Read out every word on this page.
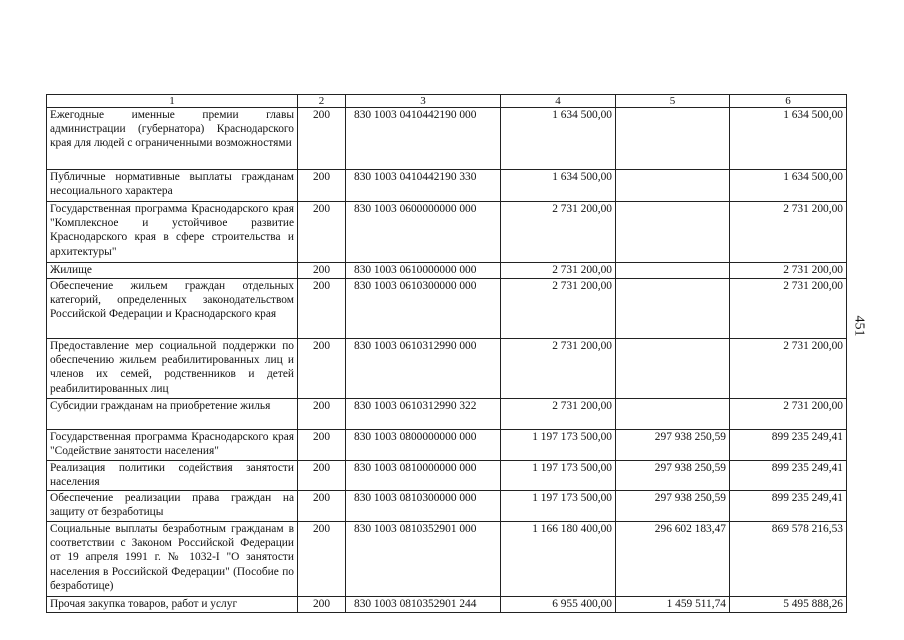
1	2	3	4	5	6
Ежегодные именные премии главы администрации (губернатора) Краснодарского края для людей с ограниченными возможностями	200	830 1003 0410442190 000	1 634 500,00		1 634 500,00
Публичные нормативные выплаты гражданам несоциального характера	200	830 1003 0410442190 330	1 634 500,00		1 634 500,00
Государственная программа Краснодарского края "Комплексное и устойчивое развитие Краснодарского края в сфере строительства и архитектуры"	200	830 1003 0600000000 000	2 731 200,00		2 731 200,00
Жилище	200	830 1003 0610000000 000	2 731 200,00		2 731 200,00
Обеспечение жильем граждан отдельных категорий, определенных законодательством Российской Федерации и Краснодарского края	200	830 1003 0610300000 000	2 731 200,00		2 731 200,00
Предоставление мер социальной поддержки по обеспечению жильем реабилитированных лиц и членов их семей, родственников и детей реабилитированных лиц	200	830 1003 0610312990 000	2 731 200,00		2 731 200,00
Субсидии гражданам на приобретение жилья	200	830 1003 0610312990 322	2 731 200,00		2 731 200,00
Государственная программа Краснодарского края "Содействие занятости населения"	200	830 1003 0800000000 000	1 197 173 500,00	297 938 250,59	899 235 249,41
Реализация политики содействия занятости населения	200	830 1003 0810000000 000	1 197 173 500,00	297 938 250,59	899 235 249,41
Обеспечение реализации права граждан на защиту от безработицы	200	830 1003 0810300000 000	1 197 173 500,00	297 938 250,59	899 235 249,41
Социальные выплаты безработным гражданам в соответствии с Законом Российской Федерации от 19 апреля 1991 г. № 1032-I "О занятости населения в Российской Федерации" (Пособие по безработице)	200	830 1003 0810352901 000	1 166 180 400,00	296 602 183,47	869 578 216,53
Прочая закупка товаров, работ и услуг	200	830 1003 0810352901 244	6 955 400,00	1 459 511,74	5 495 888,26
451
